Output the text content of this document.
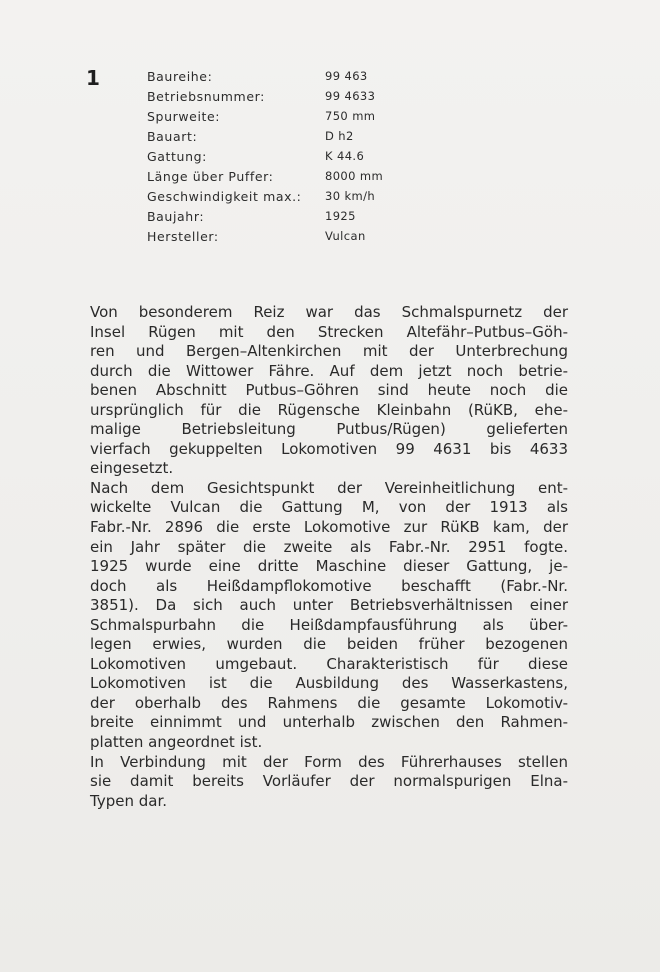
1	Baureihe:	99 463
Betriebsnummer:	99 4633
Spurweite:	750 mm
Bauart:	D h2
Gattung:	K 44.6
Länge über Puffer:	8000 mm
Geschwindigkeit max.:	30 km/h
Baujahr:	1925
Hersteller:	Vulcan
Von besonderem Reiz war das Schmalspurnetz der
Insel Rügen mit den Strecken Altefähr–Putbus–Göh-
ren und Bergen–Altenkirchen mit der Unterbrechung
durch die Wittower Fähre. Auf dem jetzt noch betrie-
benen Abschnitt Putbus–Göhren sind heute noch die
ursprünglich für die Rügensche Kleinbahn (RüKB, ehe-
malige Betriebsleitung Putbus/Rügen) gelieferten
vierfach gekuppelten Lokomotiven 99 4631 bis 4633
eingesetzt.
Nach dem Gesichtspunkt der Vereinheitlichung ent-
wickelte Vulcan die Gattung M, von der 1913 als
Fabr.-Nr. 2896 die erste Lokomotive zur RüKB kam, der
ein Jahr später die zweite als Fabr.-Nr. 2951 fogte.
1925 wurde eine dritte Maschine dieser Gattung, je-
doch als Heißdampflokomotive beschafft (Fabr.-Nr.
3851). Da sich auch unter Betriebsverhältnissen einer
Schmalspurbahn die Heißdampfausführung als über-
legen erwies, wurden die beiden früher bezogenen
Lokomotiven umgebaut. Charakteristisch für diese
Lokomotiven ist die Ausbildung des Wasserkastens,
der oberhalb des Rahmens die gesamte Lokomotiv-
breite einnimmt und unterhalb zwischen den Rahmen-
platten angeordnet ist.
In Verbindung mit der Form des Führerhauses stellen
sie damit bereits Vorläufer der normalspurigen Elna-
Typen dar.
